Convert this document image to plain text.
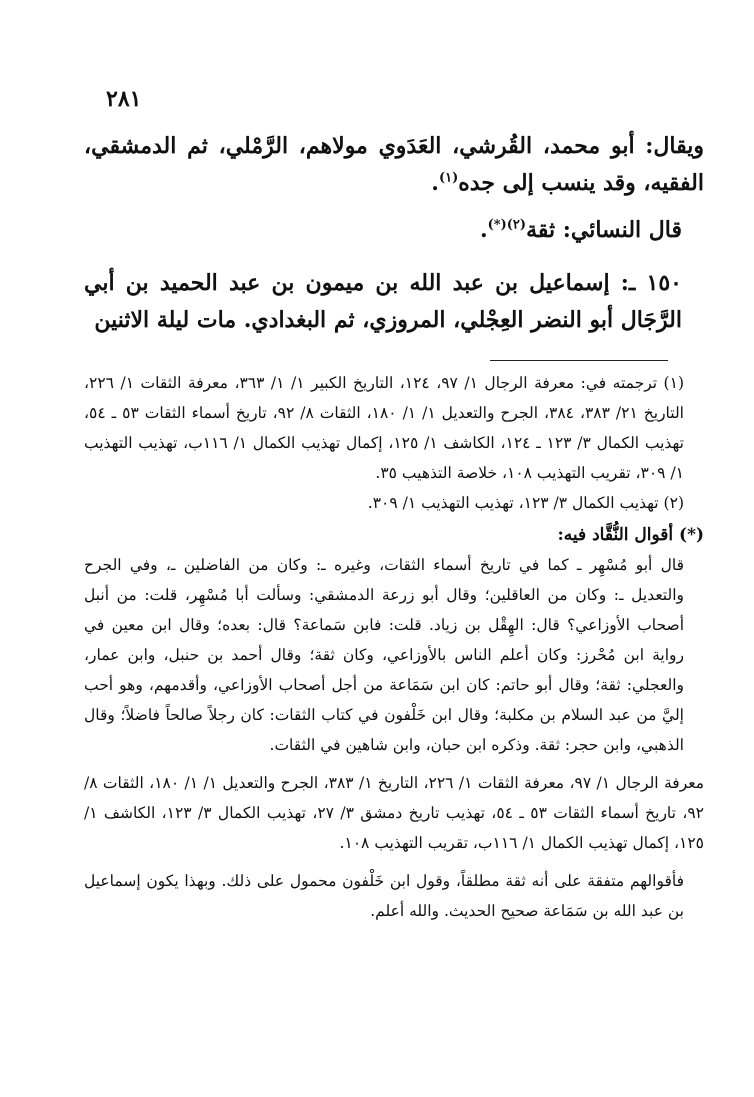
٢٨١

ويقال: أبو محمد، القُرشي، العَدَوي مولاهم، الرَّمْلي، ثم الدمشقي، الفقيه، وقد ينسب إلى جده$^{(١)}$.

قال النسائي: ثقة$^{(٢)(*)}$.

١٥٠ ـ: إسماعيل بن عبد الله بن ميمون بن عبد الحميد بن أبي الرَّجَال أبو النضر العِجْلي، المروزي، ثم البغدادي. مات ليلة الاثنين

(١) ترجمته في: معرفة الرجال ١/ ٩٧، ١٢٤، التاريخ الكبير ١/ ١/ ٣٦٣، معرفة الثقات ١/ ٢٢٦، التاريخ ٢١/ ٣٨٣، ٣٨٤، الجرح والتعديل ١/ ١/ ١٨٠، الثقات ٨/ ٩٢، تاريخ أسماء الثقات ٥٣ ـ ٥٤، تهذيب الكمال ٣/ ١٢٣ ـ ١٢٤، الكاشف ١/ ١٢٥، إكمال تهذيب الكمال ١/ ١١٦ب، تهذيب التهذيب ١/ ٣٠٩، تقريب التهذيب ١٠٨، خلاصة التذهيب ٣٥.

(٢) تهذيب الكمال ٣/ ١٢٣، تهذيب التهذيب ١/ ٣٠٩.

(*) أقوال النُّقَّاد فيه:

قال أبو مُسْهِر ـ كما في تاريخ أسماء الثقات، وغيره ـ: وكان من الفاضلين ـ، وفي الجرح والتعديل ـ: وكان من العاقلين؛ وقال أبو زرعة الدمشقي: وسألت أبا مُسْهِر، قلت: من أنبل أصحاب الأوزاعي؟ قال: الهِقْل بن زياد. قلت: فابن سَماعة؟ قال: بعده؛ وقال ابن معين في رواية ابن مُحْرز: وكان أعلم الناس بالأوزاعي، وكان ثقة؛ وقال أحمد بن حنبل، وابن عمار، والعجلي: ثقة؛ وقال أبو حاتم: كان ابن سَمَاعة من أجل أصحاب الأوزاعي، وأقدمهم، وهو أحب إليَّ من عبد السلام بن مكلبة؛ وقال ابن خَلْفون في كتاب الثقات: كان رجلاً صالحاً فاضلاً؛ وقال الذهبي، وابن حجر: ثقة. وذكره ابن حبان، وابن شاهين في الثقات.

معرفة الرجال ١/ ٩٧، معرفة الثقات ١/ ٢٢٦، التاريخ ١/ ٣٨٣، الجرح والتعديل ١/ ١/ ١٨٠، الثقات ٨/ ٩٢، تاريخ أسماء الثقات ٥٣ ـ ٥٤، تهذيب تاريخ دمشق ٣/ ٢٧، تهذيب الكمال ٣/ ١٢٣، الكاشف ١/ ١٢٥، إكمال تهذيب الكمال ١/ ١١٦ب، تقريب التهذيب ١٠٨.

فأقوالهم متفقة على أنه ثقة مطلقاً، وقول ابن خَلْفون محمول على ذلك. وبهذا يكون إسماعيل بن عبد الله بن سَمَاعة صحيح الحديث. والله أعلم.
